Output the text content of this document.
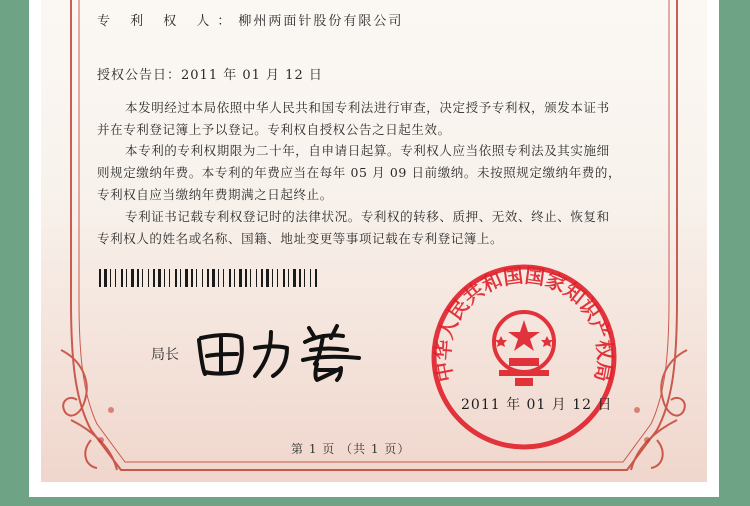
专 利 权 人：柳州两面针股份有限公司
授权公告日：2011 年 01 月 12 日
本发明经过本局依照中华人民共和国专利法进行审查，决定授予专利权，颁发本证书
并在专利登记簿上予以登记。专利权自授权公告之日起生效。
本专利的专利权期限为二十年，自申请日起算。专利权人应当依照专利法及其实施细
则规定缴纳年费。本专利的年费应当在每年 05 月 09 日前缴纳。未按照规定缴纳年费的，
专利权自应当缴纳年费期满之日起终止。
专利证书记载专利权登记时的法律状况。专利权的转移、质押、无效、终止、恢复和
专利权人的姓名或名称、国籍、地址变更等事项记载在专利登记簿上。
局长
中华人民共和国国家知识产权局
2011 年 01 月 12 日
第 1 页 （共 1 页）
